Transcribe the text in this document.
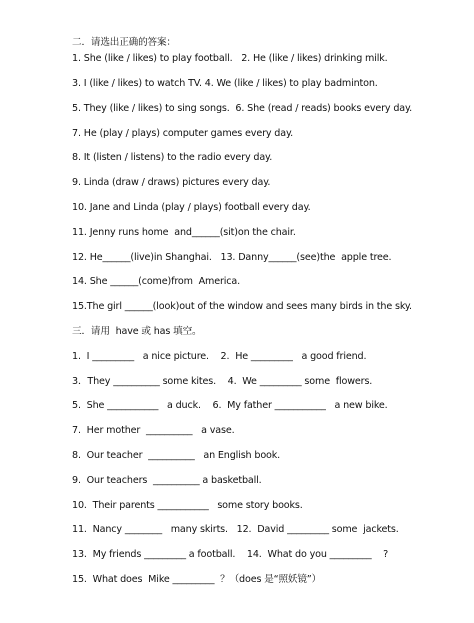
二．请选出正确的答案：
1. She (like / likes) to play football.   2. He (like / likes) drinking milk.
3. I (like / likes) to watch TV. 4. We (like / likes) to play badminton.
5. They (like / likes) to sing songs.  6. She (read / reads) books every day.
7. He (play / plays) computer games every day.
8. It (listen / listens) to the radio every day.
9. Linda (draw / draws) pictures every day.
10. Jane and Linda (play / plays) football every day.
11. Jenny runs home  and______(sit)on the chair.
12. He______(live)in Shanghai.   13. Danny______(see)the  apple tree.
14. She ______(come)from  America.
15.The girl ______(look)out of the window and sees many birds in the sky.
三．请用  have 或 has 填空。
1.  I _________   a nice picture.    2.  He _________   a good friend.
3．They __________ some kites.    4.  We _________ some  flowers.
5.  She ___________   a duck.    6.  My father ___________   a new bike.
7.  Her mother  __________   a vase.
8.  Our teacher  __________   an English book.
9.  Our teachers  __________ a basketball.
10.  Their parents ___________   some story books.
11.  Nancy ________   many skirts.   12.  David _________ some  jackets.
13.  My friends _________ a football.    14.  What do you _________    ?
15.  What does  Mike _________  ？（does 是“照妖镜”）
